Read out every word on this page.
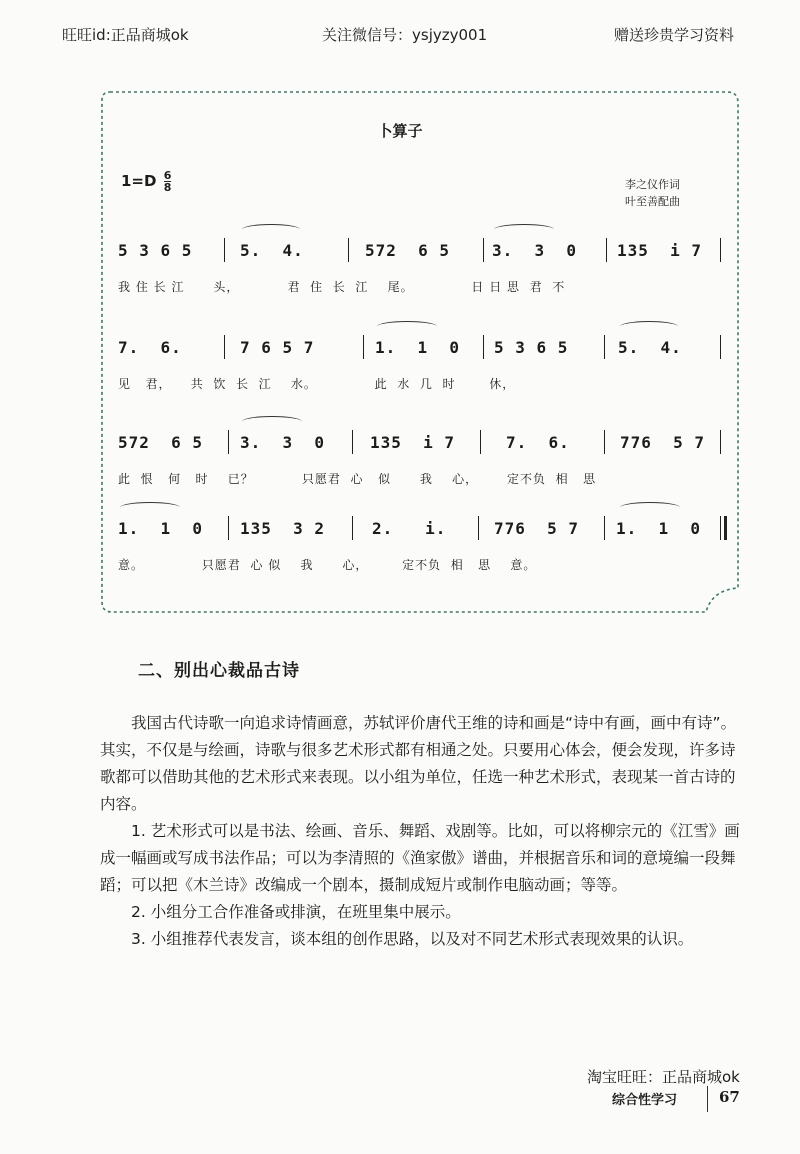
旺旺id:正品商城ok	关注微信号：ysjyzy001	赠送珍贵学习资料
卜算子
$1=D \frac{6}{8}$	李之仪作词
叶至善配曲
5 3 6 5	5.  4.	572  6 5	3.  3  0 135  i 7
我 住 长 江      头，          君  住  长  江    尾。            日 日 思  君  不
7.  6.	7 6 5 7	1.  1  0 5 3 6 5	5.  4.
见   君，    共  饮  长  江    水。            此  水  几  时       休，
572  6 5 3.  3  0	135  i 7	7.  6.	776  5 7
此  恨   何   时    已？          只愿君  心   似      我    心，      定不负  相   思
1.  1  0 135  3 2	2.   i.	776  5 7 1.  1  0
意。            只愿君  心 似    我      心，       定不负  相   思    意。
二、别出心裁品古诗

我国古代诗歌一向追求诗情画意，苏轼评价唐代王维的诗和画是“诗中有画，画中有诗”。其实，不仅是与绘画，诗歌与很多艺术形式都有相通之处。只要用心体会，便会发现，许多诗歌都可以借助其他的艺术形式来表现。以小组为单位，任选一种艺术形式，表现某一首古诗的内容。

1. 艺术形式可以是书法、绘画、音乐、舞蹈、戏剧等。比如，可以将柳宗元的《江雪》画成一幅画或写成书法作品；可以为李清照的《渔家傲》谱曲，并根据音乐和词的意境编一段舞蹈；可以把《木兰诗》改编成一个剧本，摄制成短片或制作电脑动画；等等。

2. 小组分工合作准备或排演，在班里集中展示。

3. 小组推荐代表发言，谈本组的创作思路，以及对不同艺术形式表现效果的认识。

淘宝旺旺：正品商城ok
综合性学习	67
